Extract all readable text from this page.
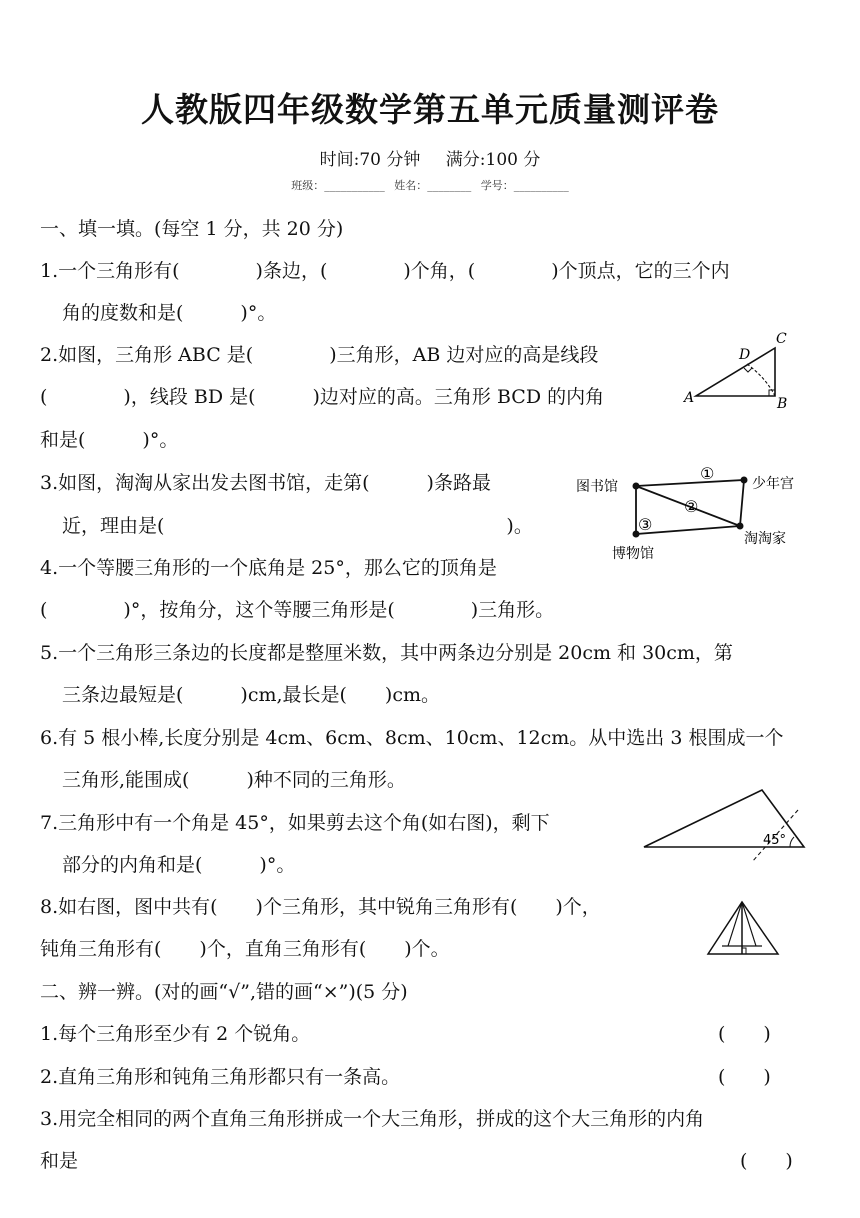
人教版四年级数学第五单元质量测评卷
时间:70 分钟 满分:100 分
班级：___________ 姓名：________ 学号：__________
一、填一填。(每空 1 分，共 20 分)
1.一个三角形有(　　　　)条边，(　　　　)个角，(　　　　)个顶点，它的三个内
角的度数和是(　　　)°。
2.如图，三角形 ABC 是(　　　　)三角形，AB 边对应的高是线段
(　　　　)，线段 BD 是(　　　)边对应的高。三角形 BCD 的内角
和是(　　　)°。
3.如图，淘淘从家出发去图书馆，走第(　　　)条路最
近，理由是(　　　　　　　　　　　　　　　　　　)。
4.一个等腰三角形的一个底角是 25°，那么它的顶角是
(　　　　)°，按角分，这个等腰三角形是(　　　　)三角形。
5.一个三角形三条边的长度都是整厘米数，其中两条边分别是 20cm 和 30cm，第
三条边最短是(　　　)cm,最长是(　　)cm。
6.有 5 根小棒,长度分别是 4cm、6cm、8cm、10cm、12cm。从中选出 3 根围成一个
三角形,能围成(　　　)种不同的三角形。
7.三角形中有一个角是 45°，如果剪去这个角(如右图)，剩下
部分的内角和是(　　　)°。
8.如右图，图中共有(　　)个三角形，其中锐角三角形有(　　)个，
钝角三角形有(　　)个，直角三角形有(　　)个。
二、辨一辨。(对的画“√”,错的画“×”)(5 分)
1.每个三角形至少有 2 个锐角。	(　　)
2.直角三角形和钝角三角形都只有一条高。	(　　)
3.用完全相同的两个直角三角形拼成一个大三角形，拼成的这个大三角形的内角
和是	(　　)
A	B
C
D
图书馆	少年宫
博物馆
淘淘家
①
②
③
45°
